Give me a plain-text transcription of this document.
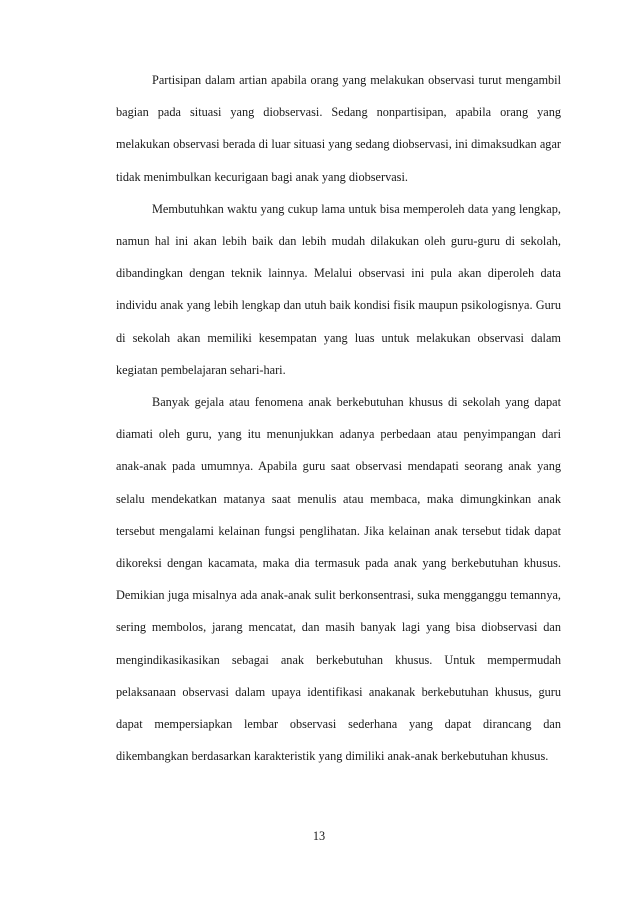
Partisipan dalam artian apabila orang yang melakukan observasi turut mengambil bagian pada situasi yang diobservasi. Sedang nonpartisipan, apabila orang yang melakukan observasi berada di luar situasi yang sedang diobservasi, ini dimaksudkan agar tidak menimbulkan kecurigaan bagi anak yang diobservasi.

Membutuhkan waktu yang cukup lama untuk bisa memperoleh data yang lengkap, namun hal ini akan lebih baik dan lebih mudah dilakukan oleh guru-guru di sekolah, dibandingkan dengan teknik lainnya. Melalui observasi ini pula akan diperoleh data individu anak yang lebih lengkap dan utuh baik kondisi fisik maupun psikologisnya. Guru di sekolah akan memiliki kesempatan yang luas untuk melakukan observasi dalam kegiatan pembelajaran sehari-hari.

Banyak gejala atau fenomena anak berkebutuhan khusus di sekolah yang dapat diamati oleh guru, yang itu menunjukkan adanya perbedaan atau penyimpangan dari anak-anak pada umumnya. Apabila guru saat observasi mendapati seorang anak yang selalu mendekatkan matanya saat menulis atau membaca, maka dimungkinkan anak tersebut mengalami kelainan fungsi penglihatan. Jika kelainan anak tersebut tidak dapat dikoreksi dengan kacamata, maka dia termasuk pada anak yang berkebutuhan khusus. Demikian juga misalnya ada anak-anak sulit berkonsentrasi, suka mengganggu temannya, sering membolos, jarang mencatat, dan masih banyak lagi yang bisa diobservasi dan mengindikasikasikan sebagai anak berkebutuhan khusus. Untuk mempermudah pelaksanaan observasi dalam upaya identifikasi anakanak berkebutuhan khusus, guru dapat mempersiapkan lembar observasi sederhana yang dapat dirancang dan dikembangkan berdasarkan karakteristik yang dimiliki anak-anak berkebutuhan khusus.

13
